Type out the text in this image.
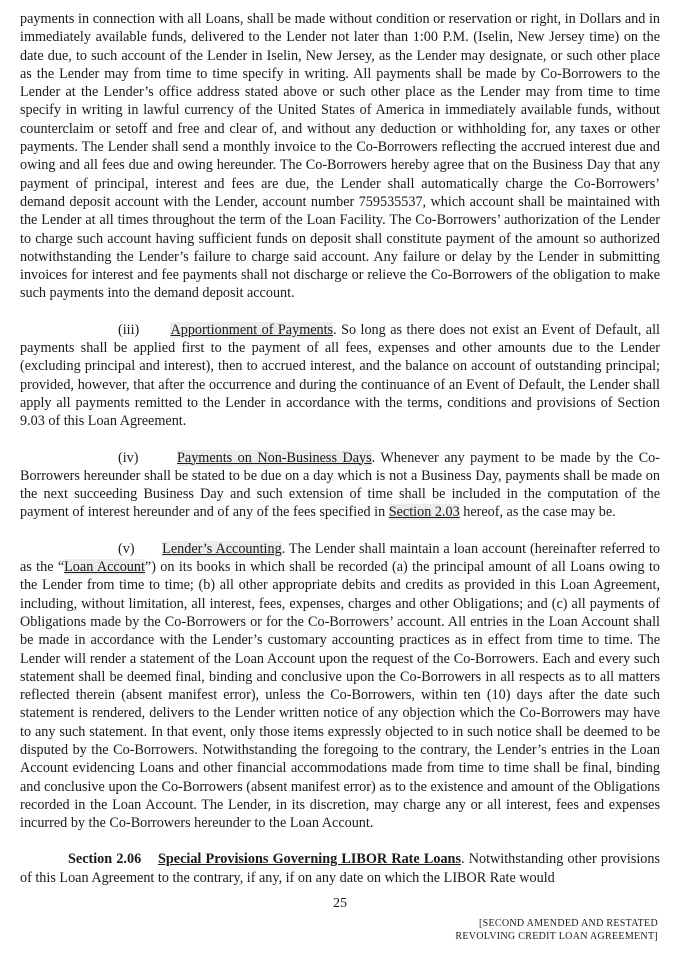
payments in connection with all Loans, shall be made without condition or reservation or right, in Dollars and in immediately available funds, delivered to the Lender not later than 1:00 P.M. (Iselin, New Jersey time) on the date due, to such account of the Lender in Iselin, New Jersey, as the Lender may designate, or such other place as the Lender may from time to time specify in writing. All payments shall be made by Co-Borrowers to the Lender at the Lender’s office address stated above or such other place as the Lender may from time to time specify in writing in lawful currency of the United States of America in immediately available funds, without counterclaim or setoff and free and clear of, and without any deduction or withholding for, any taxes or other payments. The Lender shall send a monthly invoice to the Co-Borrowers reflecting the accrued interest due and owing and all fees due and owing hereunder. The Co-Borrowers hereby agree that on the Business Day that any payment of principal, interest and fees are due, the Lender shall automatically charge the Co-Borrowers’ demand deposit account with the Lender, account number 759535537, which account shall be maintained with the Lender at all times throughout the term of the Loan Facility. The Co-Borrowers’ authorization of the Lender to charge such account having sufficient funds on deposit shall constitute payment of the amount so authorized notwithstanding the Lender’s failure to charge said account. Any failure or delay by the Lender in submitting invoices for interest and fee payments shall not discharge or relieve the Co-Borrowers of the obligation to make such payments into the demand deposit account.

(iii) Apportionment of Payments. So long as there does not exist an Event of Default, all payments shall be applied first to the payment of all fees, expenses and other amounts due to the Lender (excluding principal and interest), then to accrued interest, and the balance on account of outstanding principal; provided, however, that after the occurrence and during the continuance of an Event of Default, the Lender shall apply all payments remitted to the Lender in accordance with the terms, conditions and provisions of Section 9.03 of this Loan Agreement.

(iv)	Payments on Non-Business Days. Whenever any payment to be made by the Co-Borrowers hereunder shall be stated to be due on a day which is not a Business Day, payments shall be made on the next succeeding Business Day and such extension of time shall be included in the computation of the payment of interest hereunder and of any of the fees specified in Section 2.03 hereof, as the case may be.

(v) Lender’s Accounting. The Lender shall maintain a loan account (hereinafter referred to as the “Loan Account”) on its books in which shall be recorded (a) the principal amount of all Loans owing to the Lender from time to time; (b) all other appropriate debits and credits as provided in this Loan Agreement, including, without limitation, all interest, fees, expenses, charges and other Obligations; and (c) all payments of Obligations made by the Co-Borrowers or for the Co-Borrowers’ account. All entries in the Loan Account shall be made in accordance with the Lender’s customary accounting practices as in effect from time to time. The Lender will render a statement of the Loan Account upon the request of the Co-Borrowers. Each and every such statement shall be deemed final, binding and conclusive upon the Co-Borrowers in all respects as to all matters reflected therein (absent manifest error), unless the Co-Borrowers, within ten (10) days after the date such statement is rendered, delivers to the Lender written notice of any objection which the Co-Borrowers may have to any such statement. In that event, only those items expressly objected to in such notice shall be deemed to be disputed by the Co-Borrowers. Notwithstanding the foregoing to the contrary, the Lender’s entries in the Loan Account evidencing Loans and other financial accommodations made from time to time shall be final, binding and conclusive upon the Co-Borrowers (absent manifest error) as to the existence and amount of the Obligations recorded in the Loan Account. The Lender, in its discretion, may charge any or all interest, fees and expenses incurred by the Co-Borrowers hereunder to the Loan Account.

Section 2.06 Special Provisions Governing LIBOR Rate Loans. Notwithstanding other provisions of this Loan Agreement to the contrary, if any, if on any date on which the LIBOR Rate would

25
[SECOND AMENDED AND RESTATED
REVOLVING CREDIT LOAN AGREEMENT]
